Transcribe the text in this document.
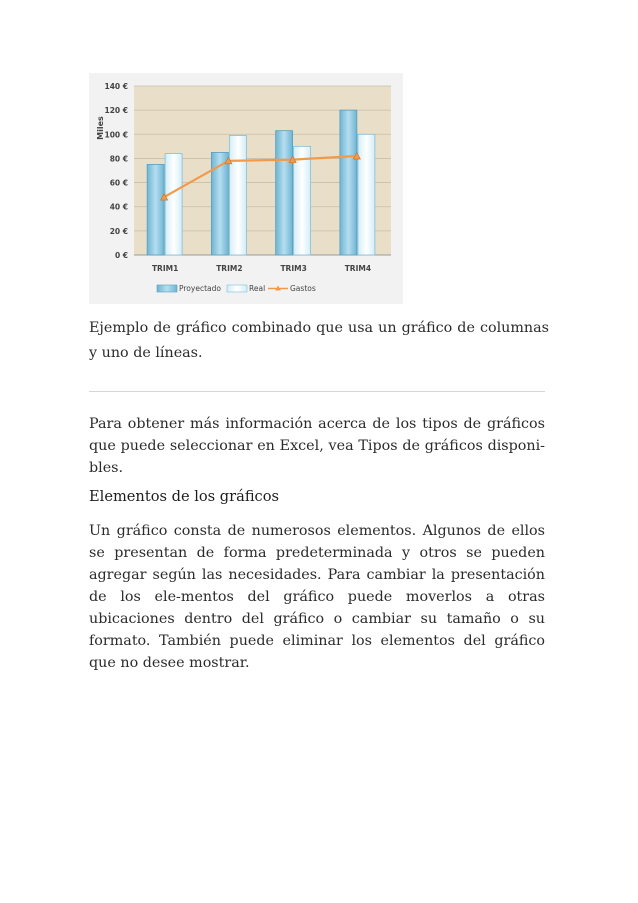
0 €
20 €
40 €
60 €
80 €
100 €
120 €
140 €
TRIM1	TRIM2	TRIM3	TRIM4
Miles
Proyectado	Real	Gastos

Ejemplo de gráfico combinado que usa un gráfico de columnas y uno de líneas.

Para obtener más información acerca de los tipos de gráficos que puede seleccionar en Excel, vea Tipos de gráficos disponi-bles.

Elementos de los gráficos

Un gráfico consta de numerosos elementos. Algunos de ellos se presentan de forma predeterminada y otros se pueden agregar según las necesidades. Para cambiar la presentación de los ele-mentos del gráfico puede moverlos a otras ubicaciones dentro del gráfico o cambiar su tamaño o su formato. También puede eliminar los elementos del gráfico que no desee mostrar.
